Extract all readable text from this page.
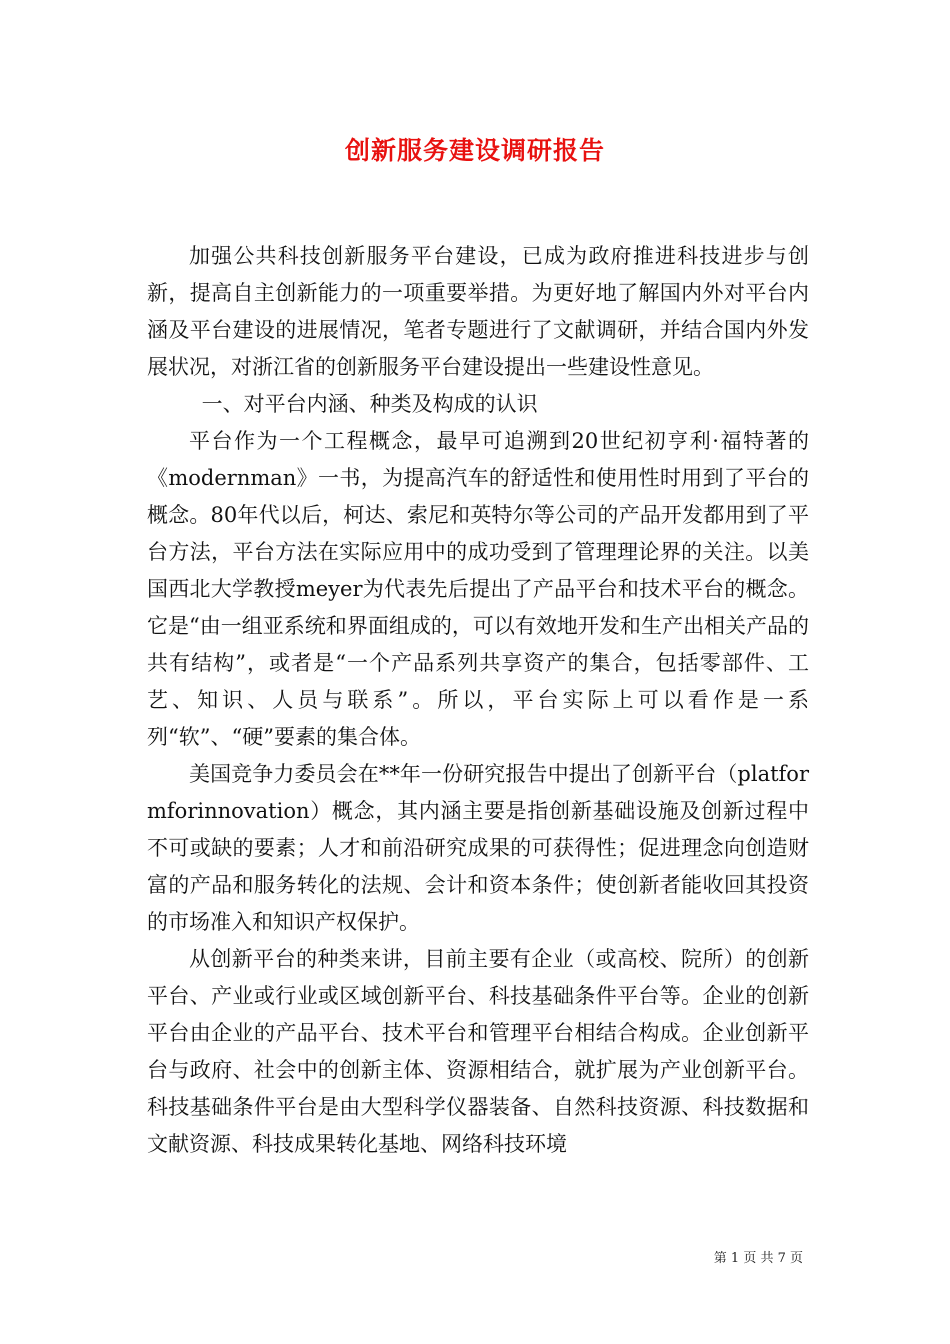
创新服务建设调研报告

加强公共科技创新服务平台建设，已成为政府推进科技进步与创新，提高自主创新能力的一项重要举措。为更好地了解国内外对平台内涵及平台建设的进展情况，笔者专题进行了文献调研，并结合国内外发展状况，对浙江省的创新服务平台建设提出一些建设性意见。

一、对平台内涵、种类及构成的认识

平台作为一个工程概念，最早可追溯到20世纪初亨利·福特著的《modernman》一书，为提高汽车的舒适性和使用性时用到了平台的概念。80年代以后，柯达、索尼和英特尔等公司的产品开发都用到了平台方法，平台方法在实际应用中的成功受到了管理理论界的关注。以美国西北大学教授meyer为代表先后提出了产品平台和技术平台的概念。它是“由一组亚系统和界面组成的，可以有效地开发和生产出相关产品的共有结构”，或者是“一个产品系列共享资产的集合，包括零部件、工艺、知识、人员与联系”。所以，平台实际上可以看作是一系列“软”、“硬”要素的集合体。

美国竞争力委员会在**年一份研究报告中提出了创新平台（platformforinnovation）概念，其内涵主要是指创新基础设施及创新过程中不可或缺的要素；人才和前沿研究成果的可获得性；促进理念向创造财富的产品和服务转化的法规、会计和资本条件；使创新者能收回其投资的市场准入和知识产权保护。

从创新平台的种类来讲，目前主要有企业（或高校、院所）的创新平台、产业或行业或区域创新平台、科技基础条件平台等。企业的创新平台由企业的产品平台、技术平台和管理平台相结合构成。企业创新平台与政府、社会中的创新主体、资源相结合，就扩展为产业创新平台。科技基础条件平台是由大型科学仪器装备、自然科技资源、科技数据和文献资源、科技成果转化基地、网络科技环境

第 1 页 共 7 页
